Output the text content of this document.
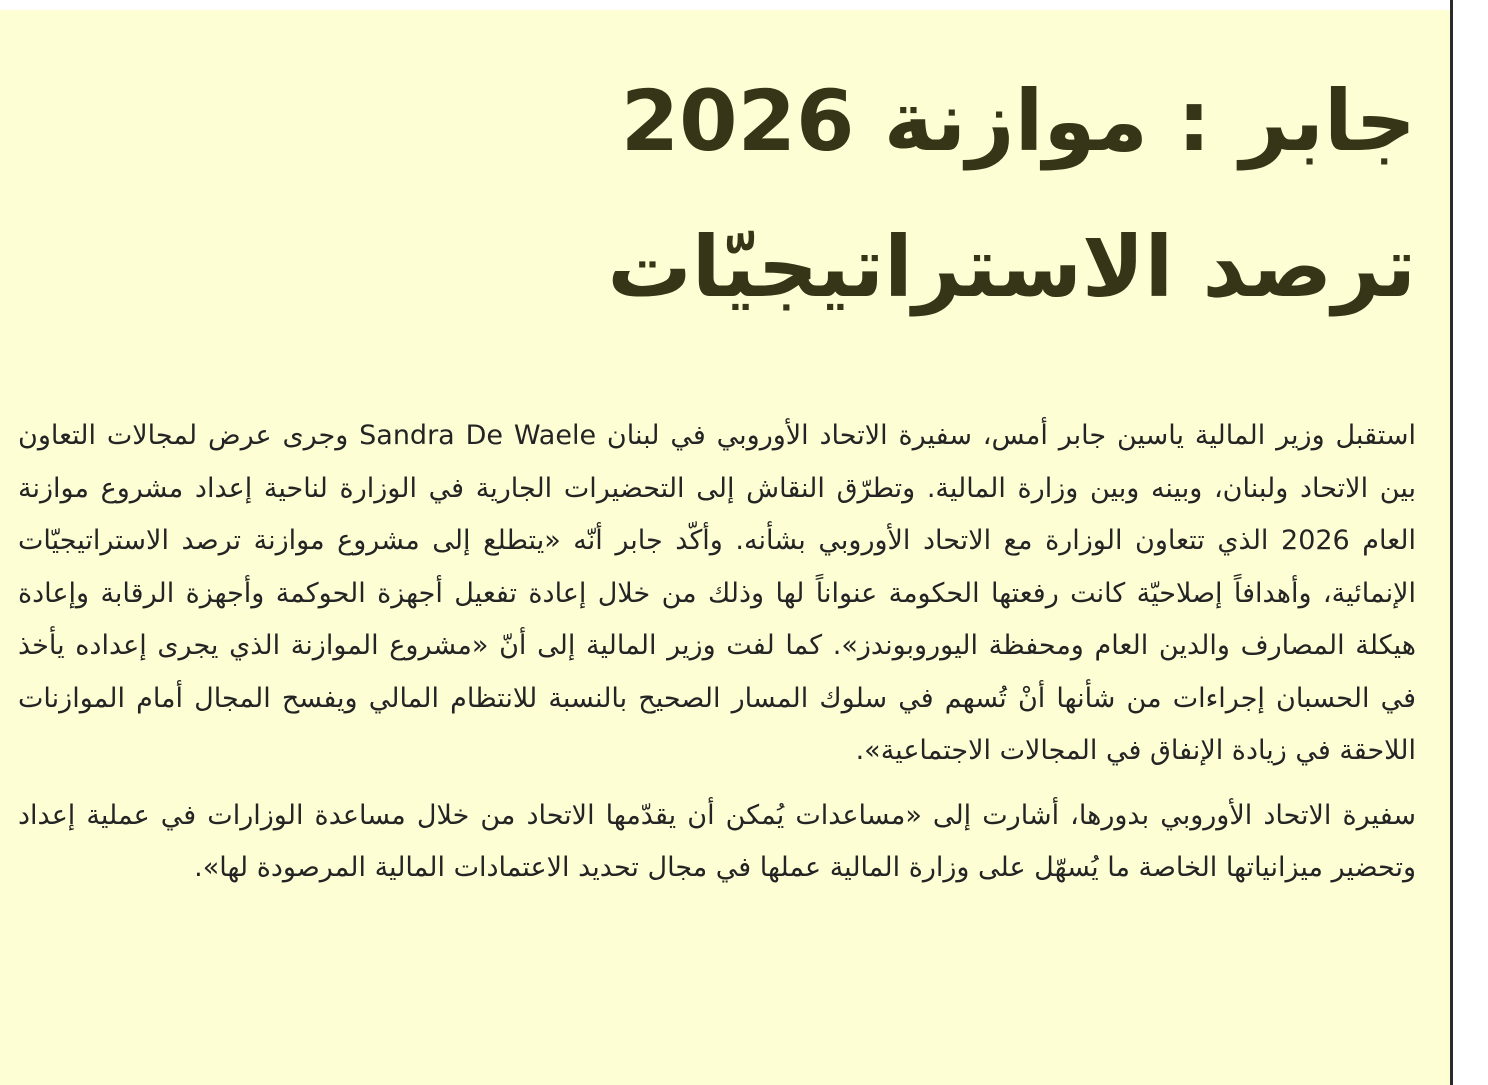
جابر : موازنة 2026
ترصد الاستراتيجيّات

استقبل وزير المالية ياسين جابر أمس، سفيرة الاتحاد الأوروبي في لبنان Sandra De Waele وجرى عرض لمجالات التعاون بين الاتحاد ولبنان، وبينه وبين وزارة المالية. وتطرّق النقاش إلى التحضيرات الجارية في الوزارة لناحية إعداد مشروع موازنة العام 2026 الذي تتعاون الوزارة مع الاتحاد الأوروبي بشأنه. وأكّد جابر أنّه «يتطلع إلى مشروع موازنة ترصد الاستراتيجيّات الإنمائية، وأهدافاً إصلاحيّة كانت رفعتها الحكومة عنواناً لها وذلك من خلال إعادة تفعيل أجهزة الحوكمة وأجهزة الرقابة وإعادة هيكلة المصارف والدين العام ومحفظة اليوروبوندز». كما لفت وزير المالية إلى أنّ «مشروع الموازنة الذي يجرى إعداده يأخذ في الحسبان إجراءات من شأنها أنْ تُسهم في سلوك المسار الصحيح بالنسبة للانتظام المالي ويفسح المجال أمام الموازنات اللاحقة في زيادة الإنفاق في المجالات الاجتماعية».

سفيرة الاتحاد الأوروبي بدورها، أشارت إلى «مساعدات يُمكن أن يقدّمها الاتحاد من خلال مساعدة الوزارات في عملية إعداد وتحضير ميزانياتها الخاصة ما يُسهّل على وزارة المالية عملها في مجال تحديد الاعتمادات المالية المرصودة لها».
